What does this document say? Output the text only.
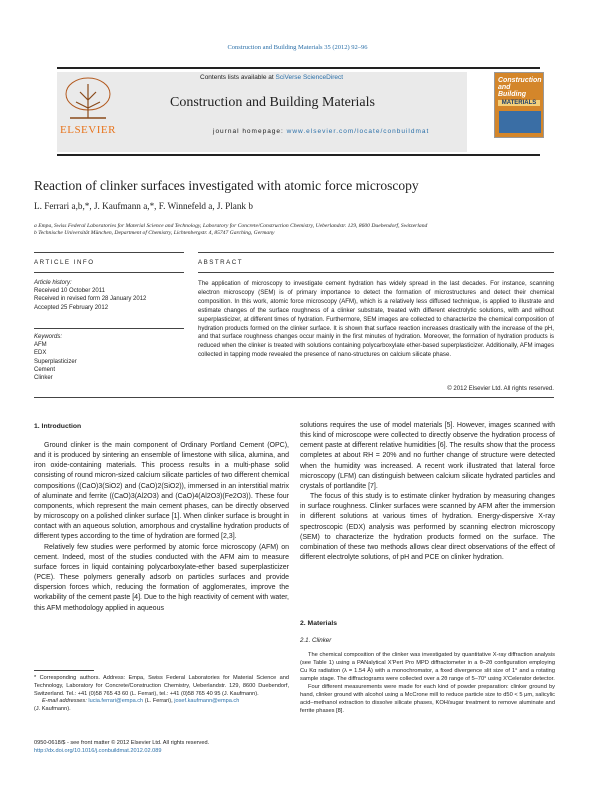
Construction and Building Materials 35 (2012) 92–96
ELSEVIER
Contents lists available at SciVerse ScienceDirect
Construction and Building Materials
journal homepage: www.elsevier.com/locate/conbuildmat
Construction and Building
MATERIALS
Reaction of clinker surfaces investigated with atomic force microscopy
L. Ferrari a,b,*, J. Kaufmann a,*, F. Winnefeld a, J. Plank b
a Empa, Swiss Federal Laboratories for Material Science and Technology, Laboratory for Concrete/Construction Chemistry, Ueberlandstr. 129, 8600 Duebendorf, Switzerland
b Technische Universität München, Department of Chemistry, Lichtenbergstr. 4, 85747 Garching, Germany
ARTICLE INFO
Article history:
Received 10 October 2011
Received in revised form 28 January 2012
Accepted 25 February 2012
Keywords:
AFM
EDX
Superplasticizer
Cement
Clinker
ABSTRACT
The application of microscopy to investigate cement hydration has widely spread in the last decades. For instance, scanning electron microscopy (SEM) is of primary importance to detect the formation of microstructures and detect their chemical composition. In this work, atomic force microscopy (AFM), which is a relatively less diffused technique, is applied to illustrate and estimate changes of the surface roughness of a clinker substrate, treated with different electrolytic solutions, with and without superplasticizer, at different times of hydration. Furthermore, SEM images are collected to characterize the chemical composition of hydration products formed on the clinker surface. It is shown that surface reaction increases drastically with the increase of the pH, and that surface roughness changes occur mainly in the first minutes of hydration. Moreover, the formation of hydration products is reduced when the clinker is treated with solutions containing polycarboxylate ether-based superplasticizer. Additionally, AFM images collected in tapping mode revealed the presence of nano-structures on calcium silicate phase.
© 2012 Elsevier Ltd. All rights reserved.
1. Introduction

Ground clinker is the main component of Ordinary Portland Cement (OPC), and it is produced by sintering an ensemble of limestone with silica, alumina, and iron oxide-containing materials. This process results in a multi-phase solid consisting of round micron-sized calcium silicate particles of two different chemical compositions ((CaO)3(SiO2) and (CaO)2(SiO2)), immersed in an interstitial matrix of aluminate and ferrite ((CaO)3(Al2O3) and (CaO)4(Al2O3)(Fe2O3)). These four components, which represent the main cement phases, can be directly observed by microscopy on a polished clinker surface [1]. When clinker surface is brought in contact with an aqueous solution, amorphous and crystalline hydration products of different types according to the time of hydration are formed [2,3].

Relatively few studies were performed by atomic force microscopy (AFM) on cement. Indeed, most of the studies conducted with the AFM aim to measure surface forces in liquid containing polycarboxylate-ether based superplasticizer (PCE). These polymers generally adsorb on particles surfaces and provide dispersion forces which, reducing the formation of agglomerates, improve the workability of the cement paste [4]. Due to the high reactivity of cement with water, this AFM methodology applied in aqueous

* Corresponding authors. Address: Empa, Swiss Federal Laboratories for Material Science and Technology, Laboratory for Concrete/Construction Chemistry, Ueberlandstr. 129, 8600 Duebendorf, Switzerland. Tel.: +41 (0)58 765 43 60 (L. Ferrari), tel.: +41 (0)58 765 40 95 (J. Kaufmann).
E-mail addresses: lucia.ferrari@empa.ch (L. Ferrari), josef.kaufmann@empa.ch
(J. Kaufmann).
0950-0618/$ - see front matter © 2012 Elsevier Ltd. All rights reserved.
http://dx.doi.org/10.1016/j.conbuildmat.2012.02.089
solutions requires the use of model materials [5]. However, images scanned with this kind of microscope were collected to directly observe the hydration process of cement paste at different relative humidities [6]. The results show that the process completes at about RH = 20% and no further change of structure were detected when the humidity was increased. A recent work illustrated that lateral force microscopy (LFM) can distinguish between calcium silicate hydrated particles and crystals of portlandite [7].

The focus of this study is to estimate clinker hydration by measuring changes in surface roughness. Clinker surfaces were scanned by AFM after the immersion in different solutions at various times of hydration. Energy-dispersive X-ray spectroscopic (EDX) analysis was performed by scanning electron microscopy (SEM) to characterize the hydration products formed on the surface. The combination of these two methods allows clear direct observations of the effect of different electrolyte solutions, of pH and PCE on clinker hydration.

2. Materials
2.1. Clinker

The chemical composition of the clinker was investigated by quantitative X-ray diffraction analysis (see Table 1) using a PANalytical X'Pert Pro MPD diffractometer in a θ–2θ configuration employing Cu Kα radiation (λ = 1.54 Å) with a monochromator, a fixed divergence slit size of 1° and a rotating sample stage. The diffractograms were collected over a 2θ range of 5–70° using X'Celerator detector.

Four different measurements were made for each kind of powder preparation: clinker ground by hand, clinker ground with alcohol using a McCrone mill to reduce particle size to d50 < 5 μm, salicylic acid–methanol extraction to dissolve silicate phases, KOH/sugar treatment to remove aluminate and ferrite phases [8].
